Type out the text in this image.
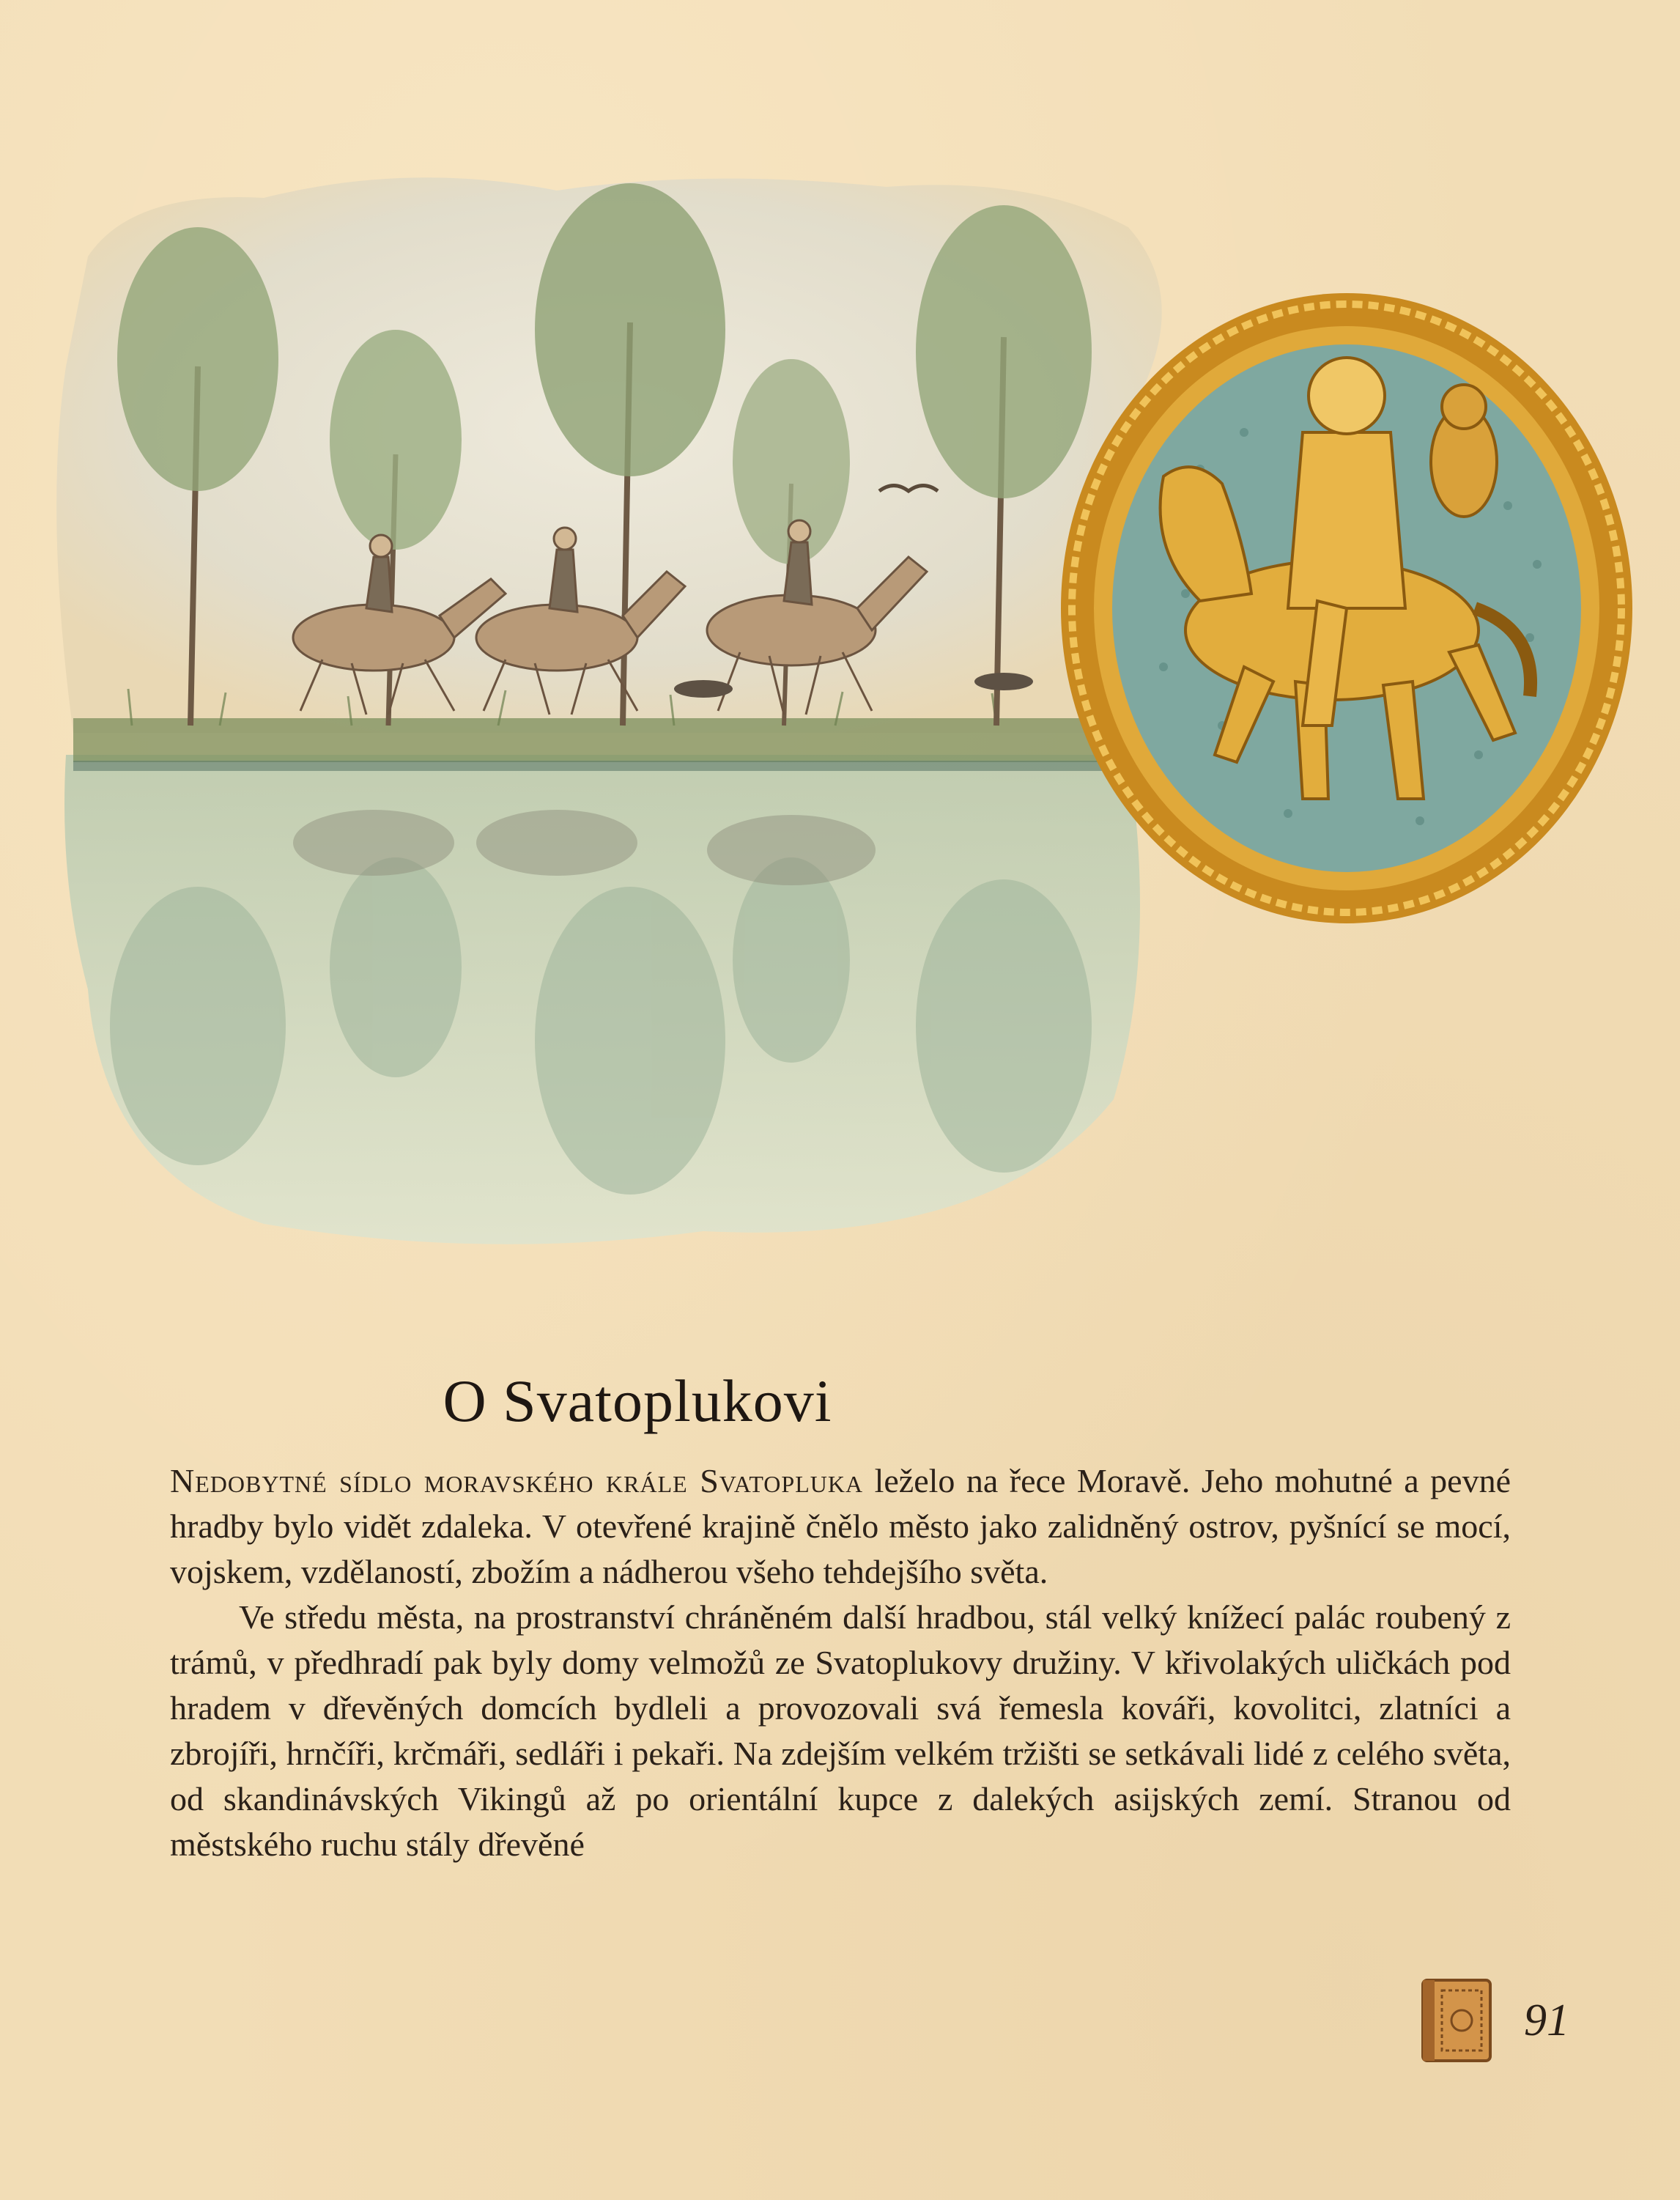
O Svatoplukovi

Nedobytné sídlo moravského krále Svatopluka leželo na řece Moravě. Jeho mohutné a pevné hradby bylo vidět zdaleka. V otevřené krajině čnělo město jako zalidněný ostrov, pyšnící se mocí, vojskem, vzdělaností, zbožím a nádherou všeho tehdejšího světa.

Ve středu města, na prostranství chráněném další hradbou, stál velký knížecí palác roubený z trámů, v předhradí pak byly domy velmožů ze Svatoplukovy družiny. V křivolakých uličkách pod hradem v dřevěných domcích bydleli a provozovali svá řemesla kováři, kovolitci, zlatníci a zbrojíři, hrnčíři, krčmáři, sedláři i pekaři. Na zdejším velkém tržišti se setkávali lidé z celého světa, od skandinávských Vikingů až po orientální kupce z dalekých asijských zemí. Stranou od městského ruchu stály dřevěné

91
